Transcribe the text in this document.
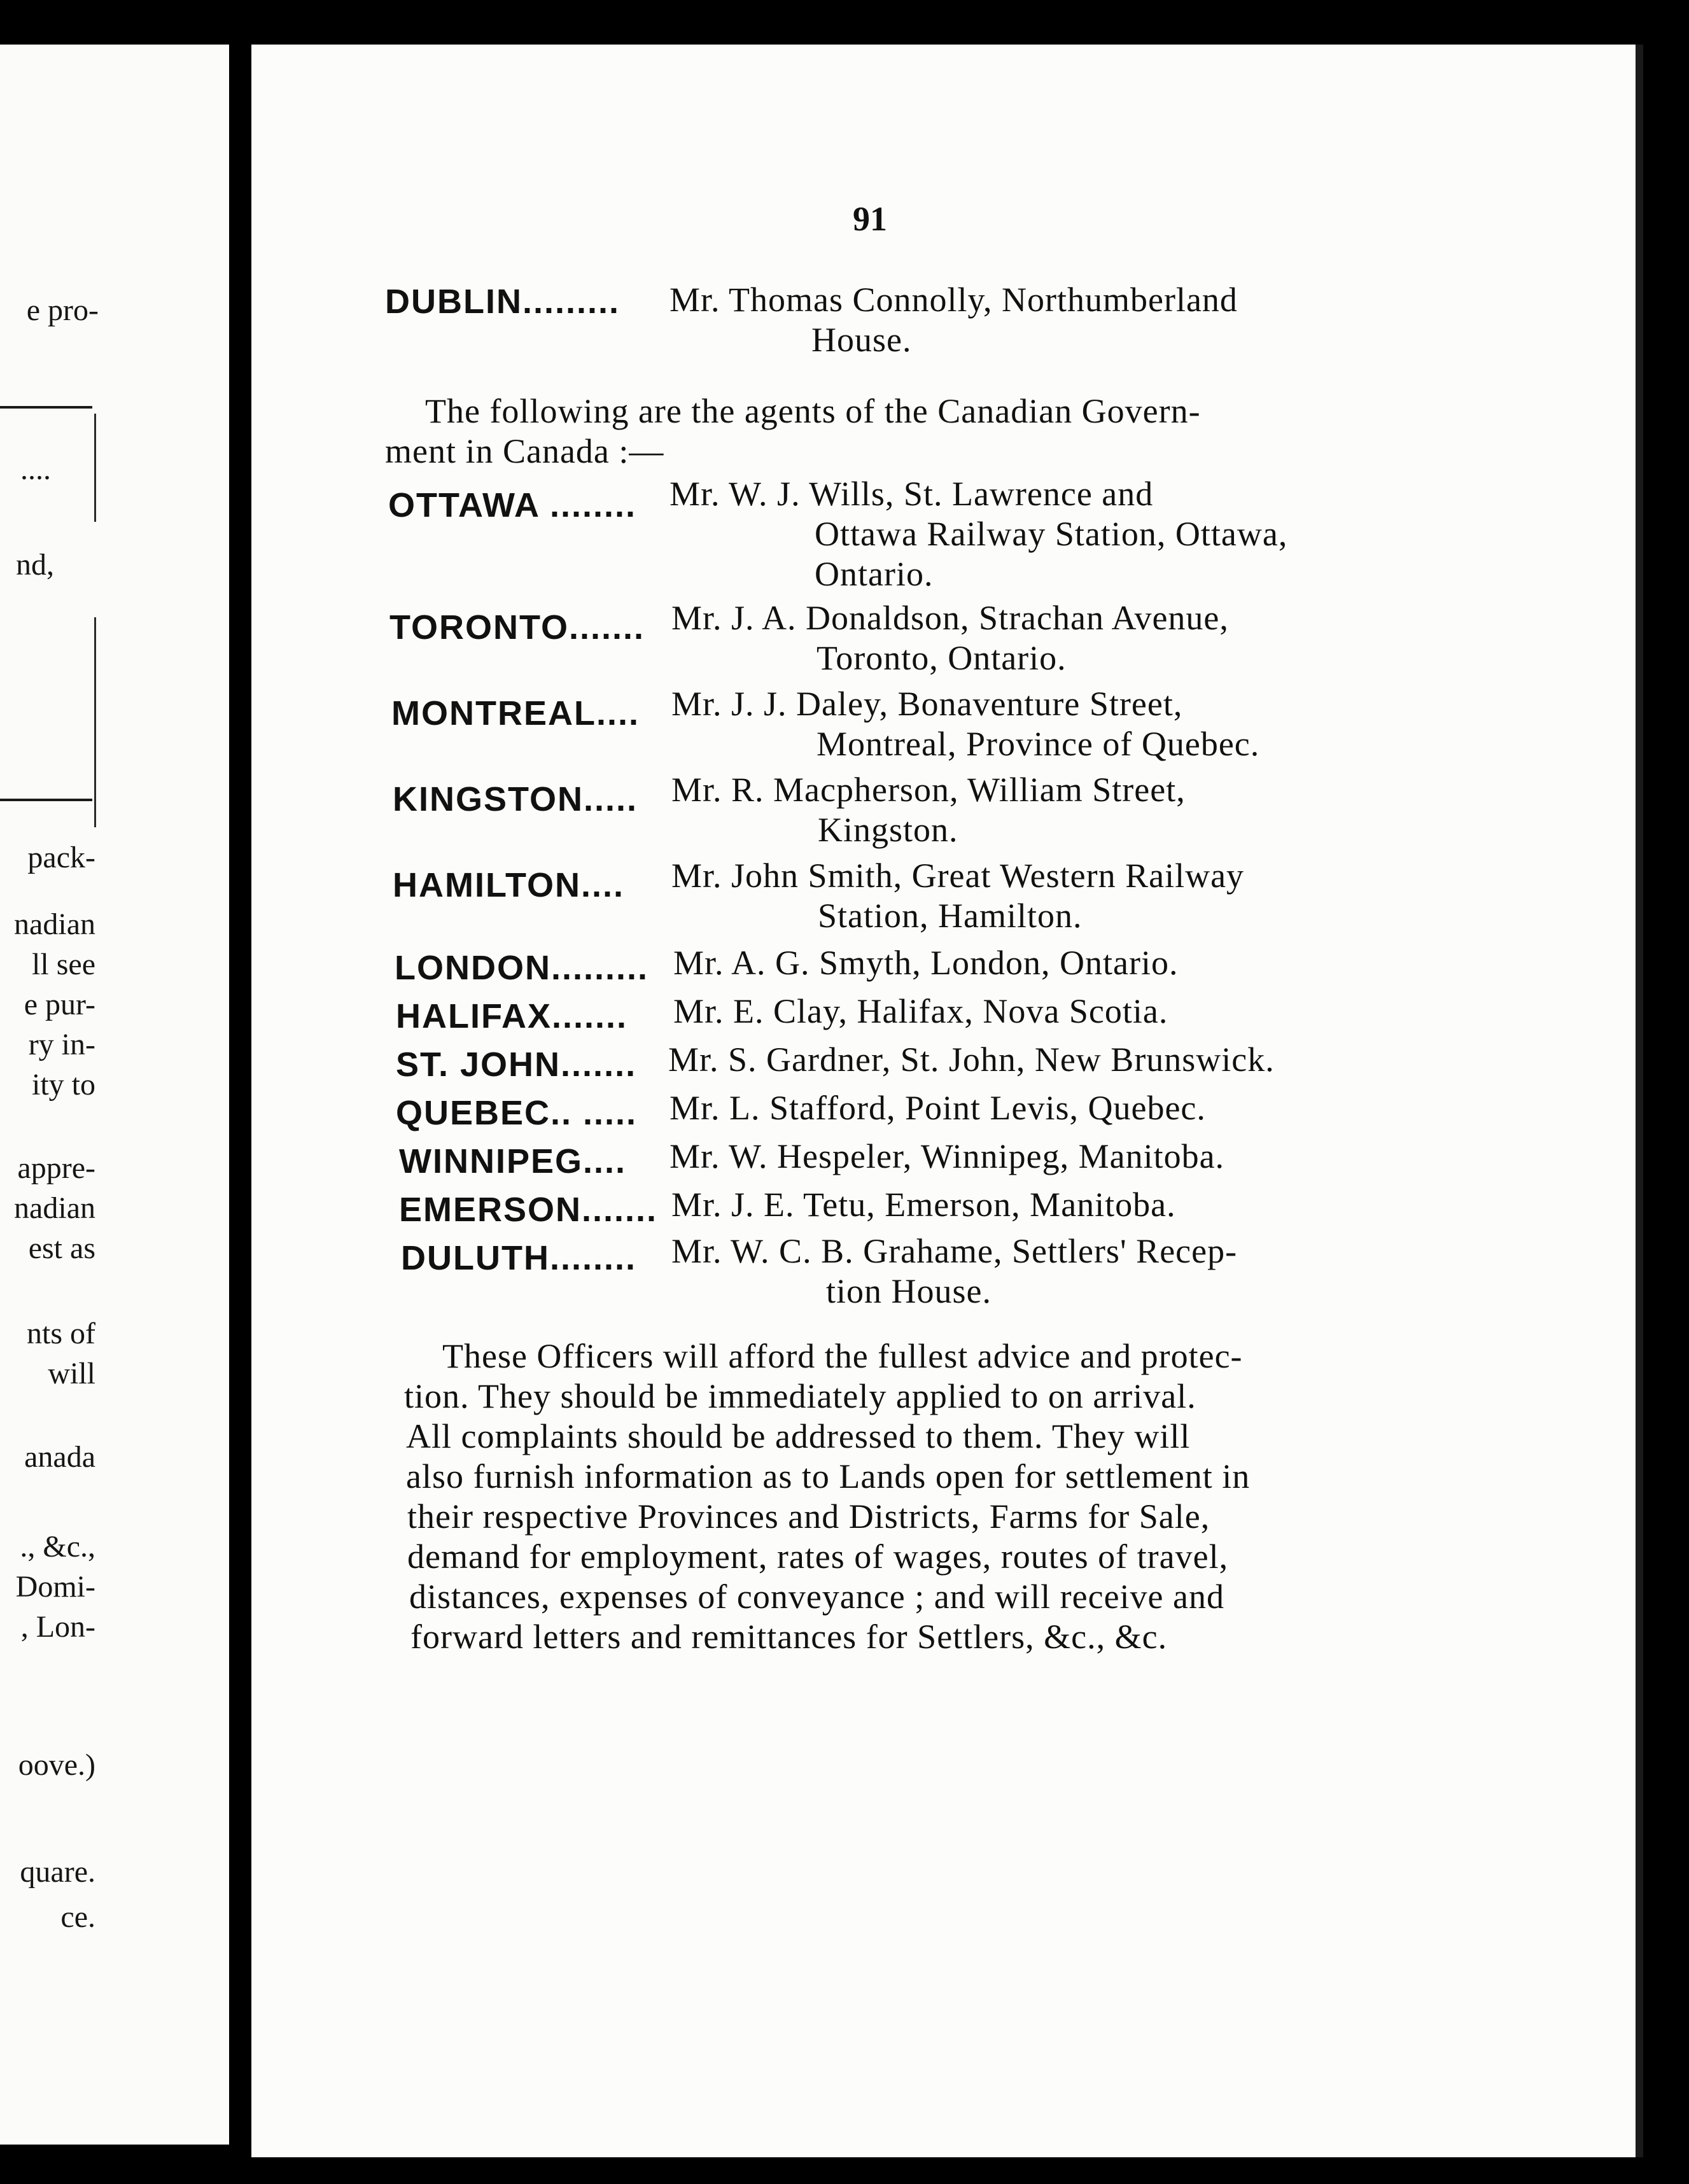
e pro-
....
nd,
pack-
nadian
ll see
e pur-
ry in-
ity to
appre-
nadian
est as
nts of
will
anada
., &c.,
Domi-
, Lon-
oove.)
quare.
ce.
91
DUBLIN......... Mr. Thomas Connolly, Northumberland
House.
The following are the agents of the Canadian Govern-
ment in Canada :—
OTTAWA ........ Mr. W. J. Wills, St. Lawrence and
Ottawa Railway Station, Ottawa,
Ontario.
TORONTO....... Mr. J. A. Donaldson, Strachan Avenue,
Toronto, Ontario.
MONTREAL.... Mr. J. J. Daley, Bonaventure Street,
Montreal, Province of Quebec.
KINGSTON..... Mr. R. Macpherson, William Street,
Kingston.
HAMILTON.... Mr. John Smith, Great Western Railway
Station, Hamilton.
LONDON......... Mr. A. G. Smyth, London, Ontario.
HALIFAX....... Mr. E. Clay, Halifax, Nova Scotia.
ST. JOHN....... Mr. S. Gardner, St. John, New Brunswick.
QUEBEC.. ..... Mr. L. Stafford, Point Levis, Quebec.
WINNIPEG.... Mr. W. Hespeler, Winnipeg, Manitoba.
EMERSON....... Mr. J. E. Tetu, Emerson, Manitoba.
DULUTH........ Mr. W. C. B. Grahame, Settlers' Recep-
tion House.
These Officers will afford the fullest advice and protec-
tion. They should be immediately applied to on arrival.
All complaints should be addressed to them. They will
also furnish information as to Lands open for settlement in
their respective Provinces and Districts, Farms for Sale,
demand for employment, rates of wages, routes of travel,
distances, expenses of conveyance ; and will receive and
forward letters and remittances for Settlers, &c., &c.
